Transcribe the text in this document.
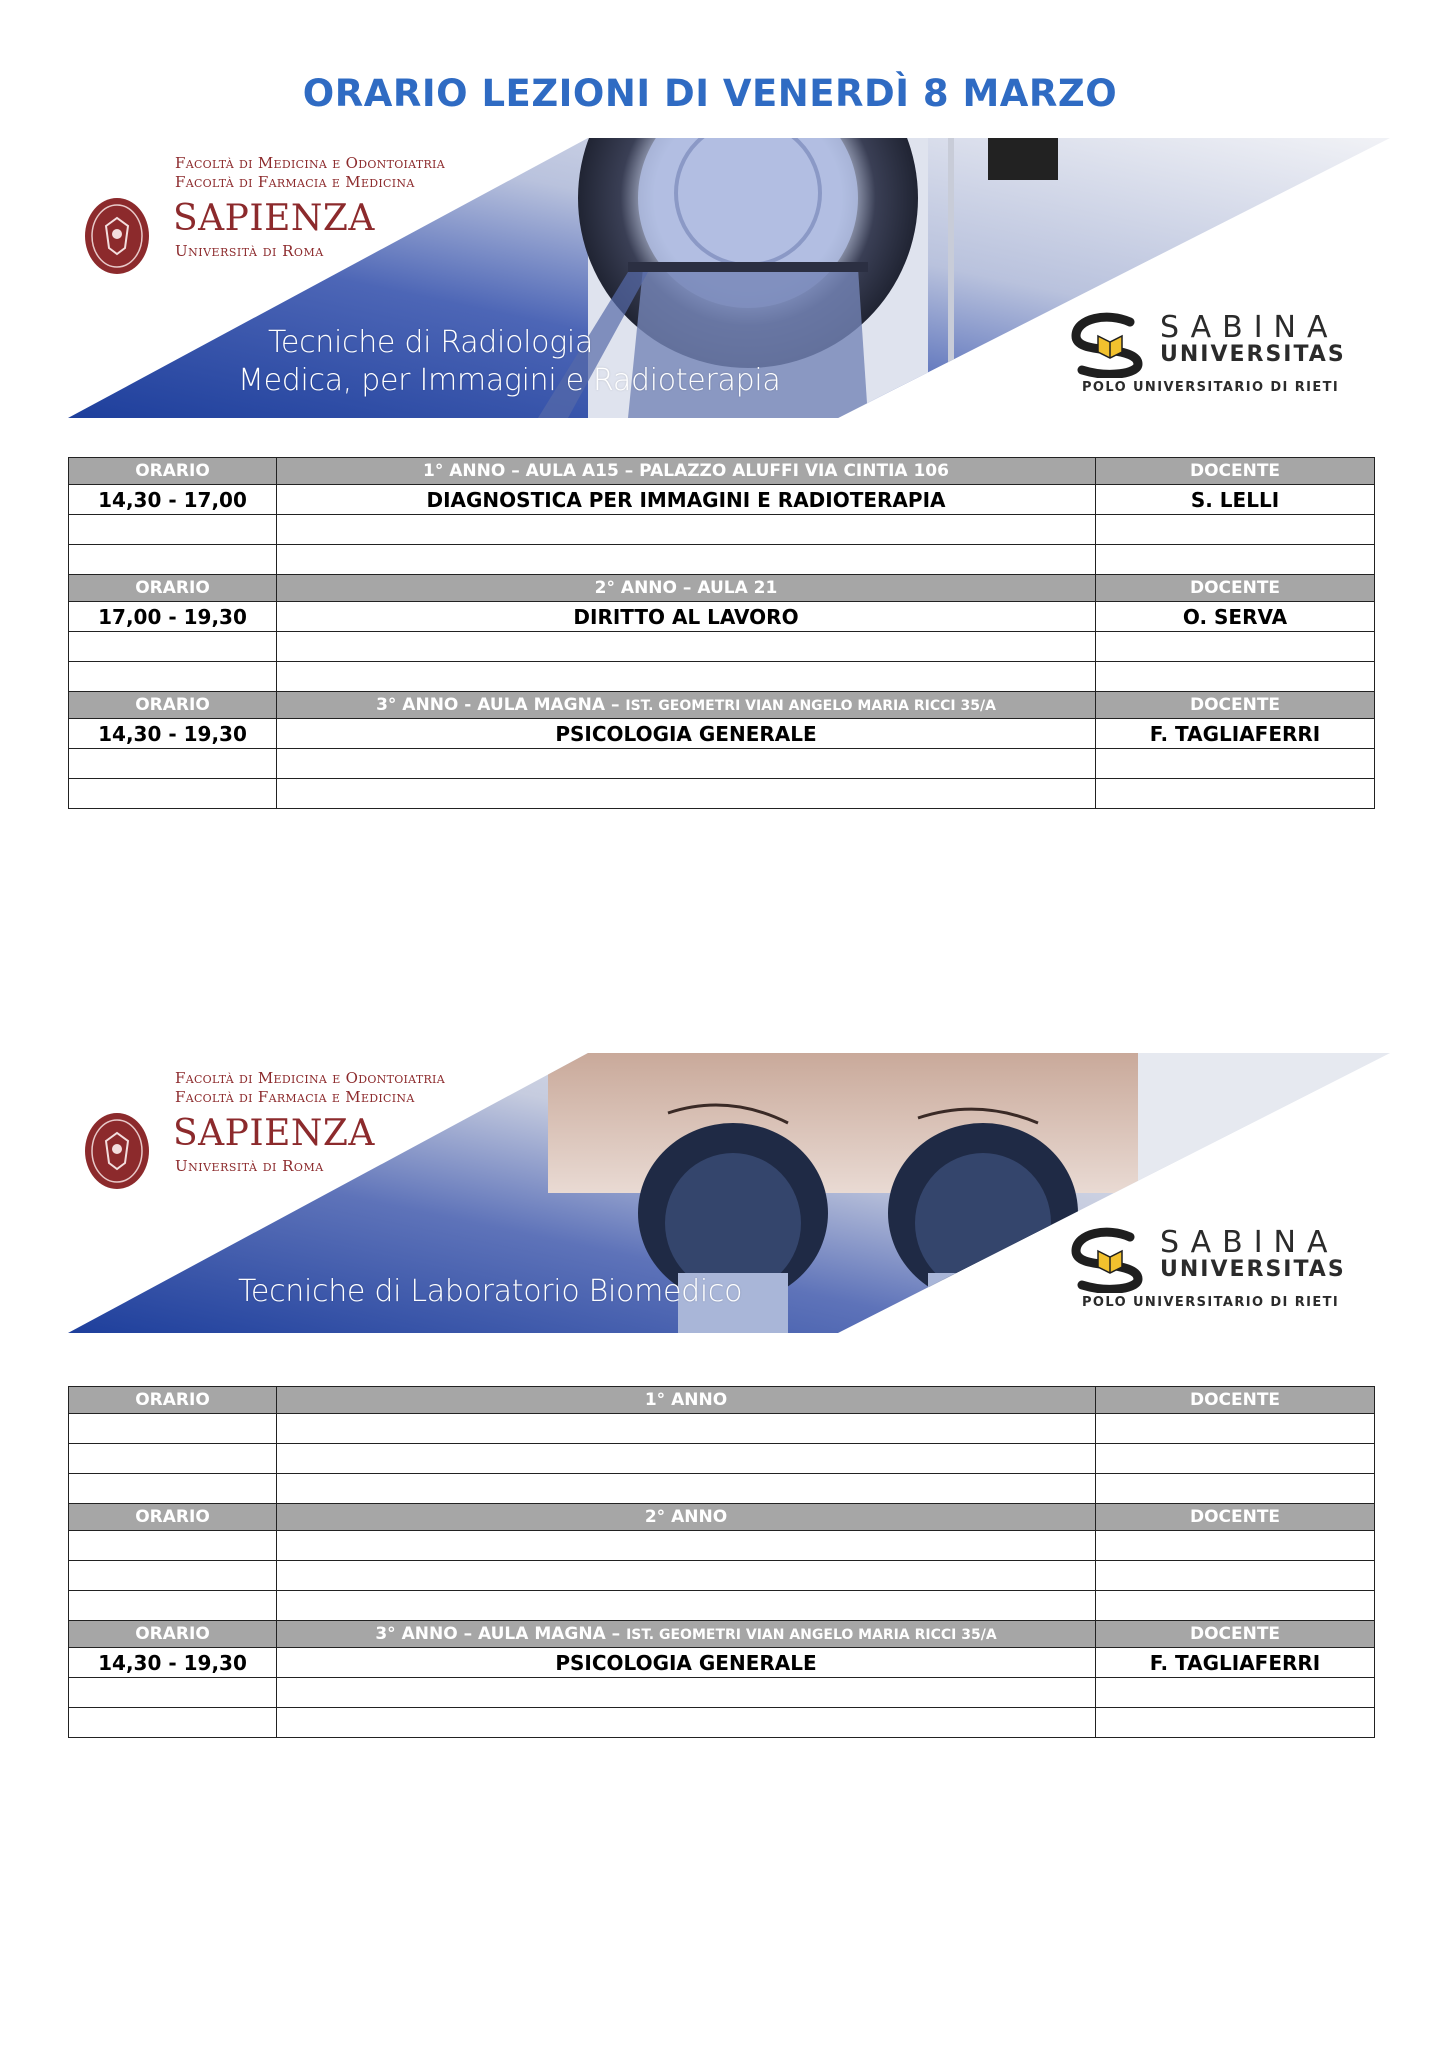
ORARIO LEZIONI DI VENERDÌ 8 MARZO
Facoltà di Medicina e Odontoiatria
Facoltà di Farmacia e Medicina
SAPIENZA
Università di Roma
Tecniche di Radiologia
Medica, per Immagini e Radioterapia
SABINA
UNIVERSITAS
POLO UNIVERSITARIO DI RIETI
ORARIO	1° ANNO – AULA A15 – PALAZZO ALUFFI VIA CINTIA 106	DOCENTE
14,30 - 17,00	DIAGNOSTICA PER IMMAGINI E RADIOTERAPIA	S. LELLI

ORARIO	2° ANNO – AULA 21	DOCENTE
17,00 - 19,30	DIRITTO AL LAVORO	O. SERVA

ORARIO	3° ANNO - AULA MAGNA – IST. GEOMETRI VIAN ANGELO MARIA RICCI 35/A	DOCENTE
14,30 - 19,30	PSICOLOGIA GENERALE	F. TAGLIAFERRI

Facoltà di Medicina e Odontoiatria
Facoltà di Farmacia e Medicina
SAPIENZA
Università di Roma
Tecniche di Laboratorio Biomedico
SABINA
UNIVERSITAS
POLO UNIVERSITARIO DI RIETI
ORARIO	1° ANNO	DOCENTE

ORARIO	2° ANNO	DOCENTE

ORARIO	3° ANNO – AULA MAGNA – IST. GEOMETRI VIAN ANGELO MARIA RICCI 35/A	DOCENTE
14,30 - 19,30	PSICOLOGIA GENERALE	F. TAGLIAFERRI
